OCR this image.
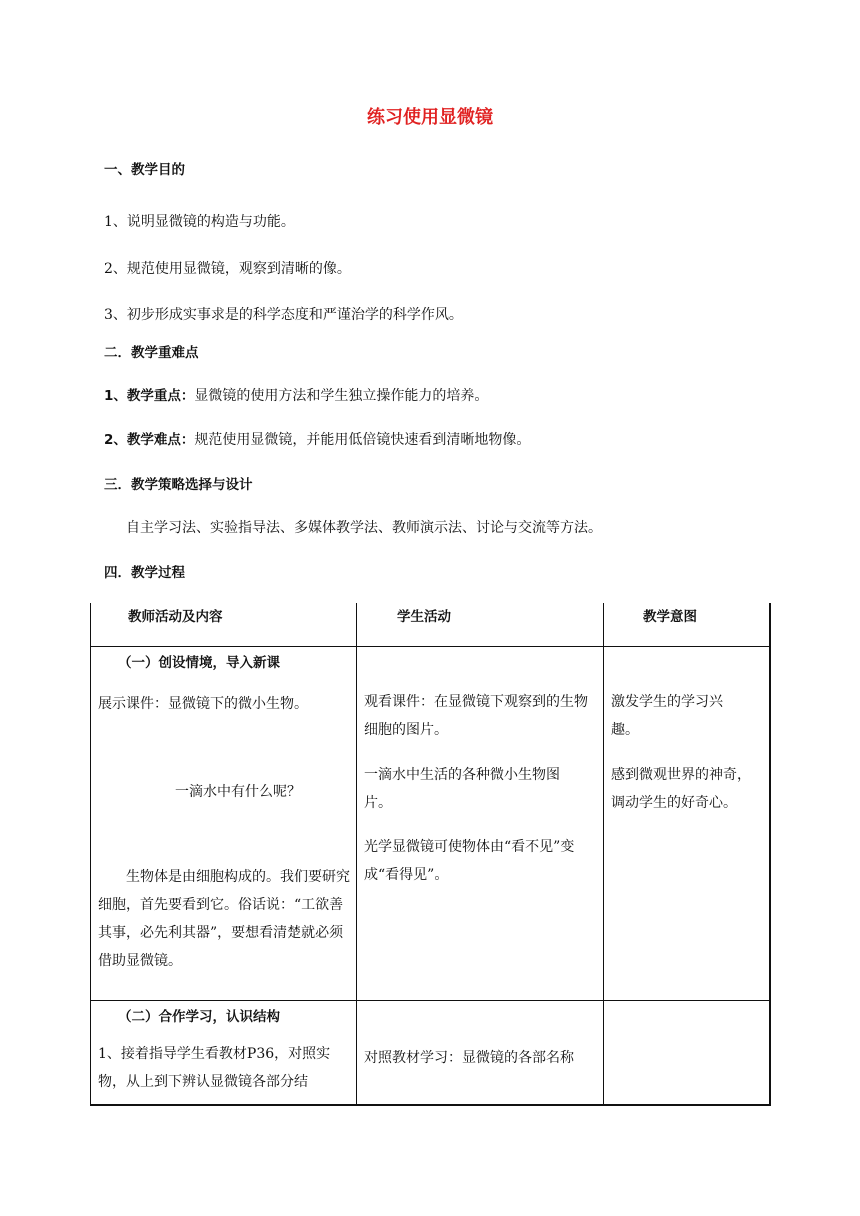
练习使用显微镜
一、教学目的
1、说明显微镜的构造与功能。
2、规范使用显微镜，观察到清晰的像。
3、初步形成实事求是的科学态度和严谨治学的科学作风。
二．教学重难点
1、教学重点：显微镜的使用方法和学生独立操作能力的培养。
2、教学难点：规范使用显微镜，并能用低倍镜快速看到清晰地物像。
三．教学策略选择与设计
自主学习法、实验指导法、多媒体教学法、教师演示法、讨论与交流等方法。
四．教学过程
教师活动及内容	学生活动	教学意图
（一）创设情境，导入新课
展示课件：显微镜下的微小生物。
一滴水中有什么呢？
生物体是由细胞构成的。我们要研究细胞，首先要看到它。俗话说：“工欲善其事，必先利其器”，要想看清楚就必须借助显微镜。
观看课件：在显微镜下观察到的生物细胞的图片。
一滴水中生活的各种微小生物图片。
光学显微镜可使物体由“看不见”变成“看得见”。
激发学生的学习兴趣。
感到微观世界的神奇，调动学生的好奇心。
（二）合作学习，认识结构
1、接着指导学生看教材P36，对照实物，从上到下辨认显微镜各部分结
对照教材学习：显微镜的各部名称
